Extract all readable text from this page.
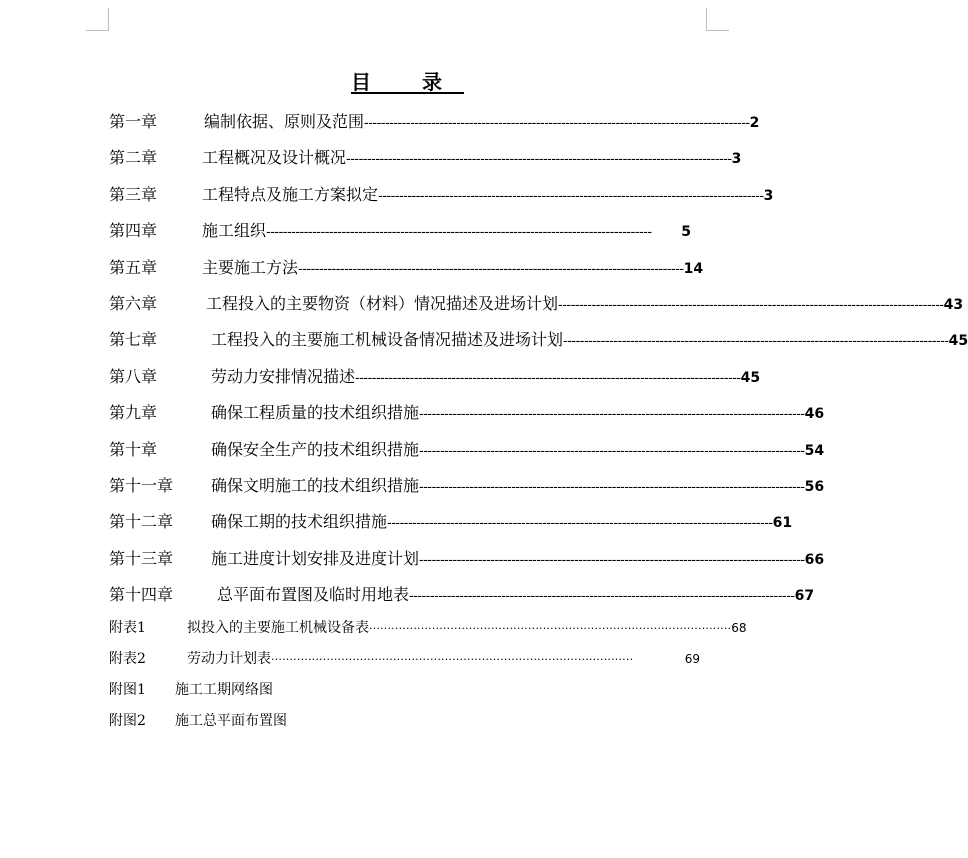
目 录
第一章	编制依据、原则及范围 -------------------------------------------------------------------------------------------- 2
第二章	工程概况及设计概况 -------------------------------------------------------------------------------------------- 3
第三章	工程特点及施工方案拟定 -------------------------------------------------------------------------------------------- 3
第四章	施工组织 --------------------------------------------------------------------------------------------	5
第五章	主要施工方法 -------------------------------------------------------------------------------------------- 14
第六章	工程投入的主要物资（材料）情况描述及进场计划 -------------------------------------------------------------------------------------------- 43
第七章	工程投入的主要施工机械设备情况描述及进场计划 -------------------------------------------------------------------------------------------- 45
第八章	劳动力安排情况描述 -------------------------------------------------------------------------------------------- 45
第九章	确保工程质量的技术组织措施 -------------------------------------------------------------------------------------------- 46
第十章	确保安全生产的技术组织措施 -------------------------------------------------------------------------------------------- 54
第十一章 确保文明施工的技术组织措施 -------------------------------------------------------------------------------------------- 56
第十二章 确保工期的技术组织措施 -------------------------------------------------------------------------------------------- 61
第十三章 施工进度计划安排及进度计划 -------------------------------------------------------------------------------------------- 66
第十四章	总平面布置图及临时用地表 -------------------------------------------------------------------------------------------- 67
附表1	拟投入的主要施工机械设备表 ·································································································· 68
附表2	劳动力计划表 ··································································································	69
附图1 施工工期网络图
附图2 施工总平面布置图
